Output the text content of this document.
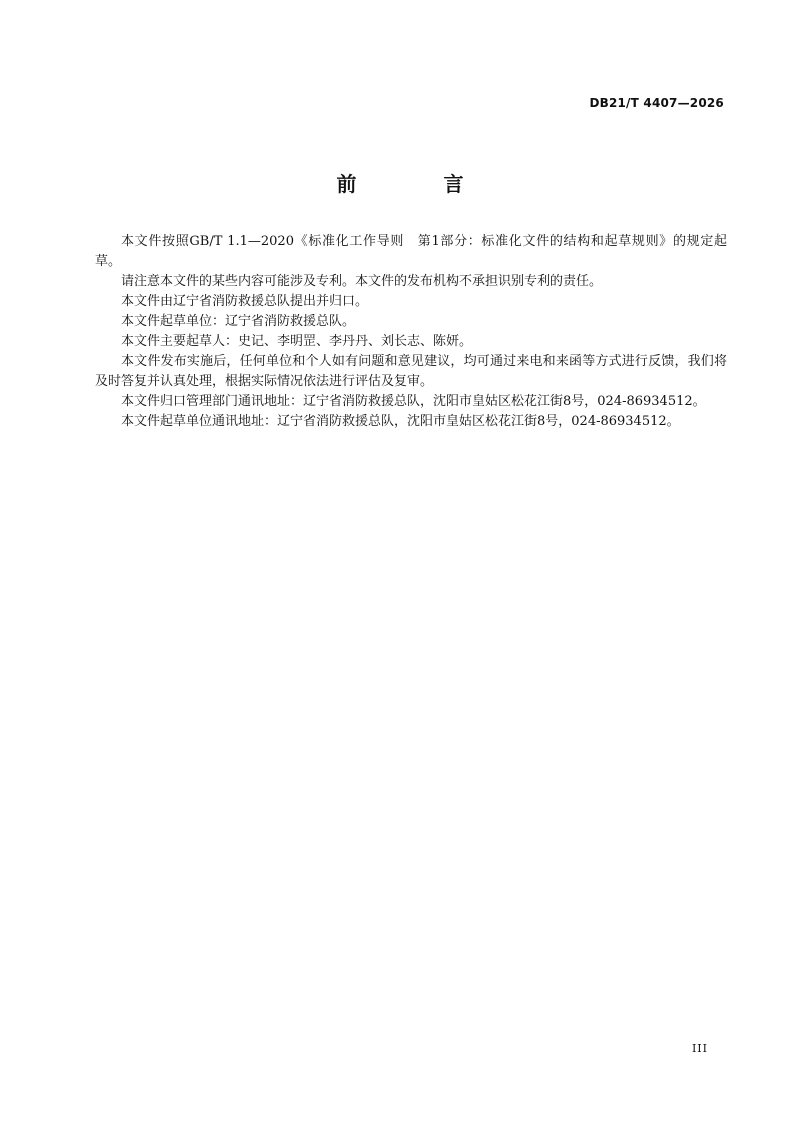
DB21/T 4407—2026
前 言

本文件按照GB/T 1.1—2020《标准化工作导则　第1部分：标准化文件的结构和起草规则》的规定起草。

请注意本文件的某些内容可能涉及专利。本文件的发布机构不承担识别专利的责任。

本文件由辽宁省消防救援总队提出并归口。

本文件起草单位：辽宁省消防救援总队。

本文件主要起草人：史记、李明罡、李丹丹、刘长志、陈妍。

本文件发布实施后，任何单位和个人如有问题和意见建议，均可通过来电和来函等方式进行反馈，我们将及时答复并认真处理，根据实际情况依法进行评估及复审。

本文件归口管理部门通讯地址：辽宁省消防救援总队，沈阳市皇姑区松花江街8号，024-86934512。

本文件起草单位通讯地址：辽宁省消防救援总队，沈阳市皇姑区松花江街8号，024-86934512。

III
